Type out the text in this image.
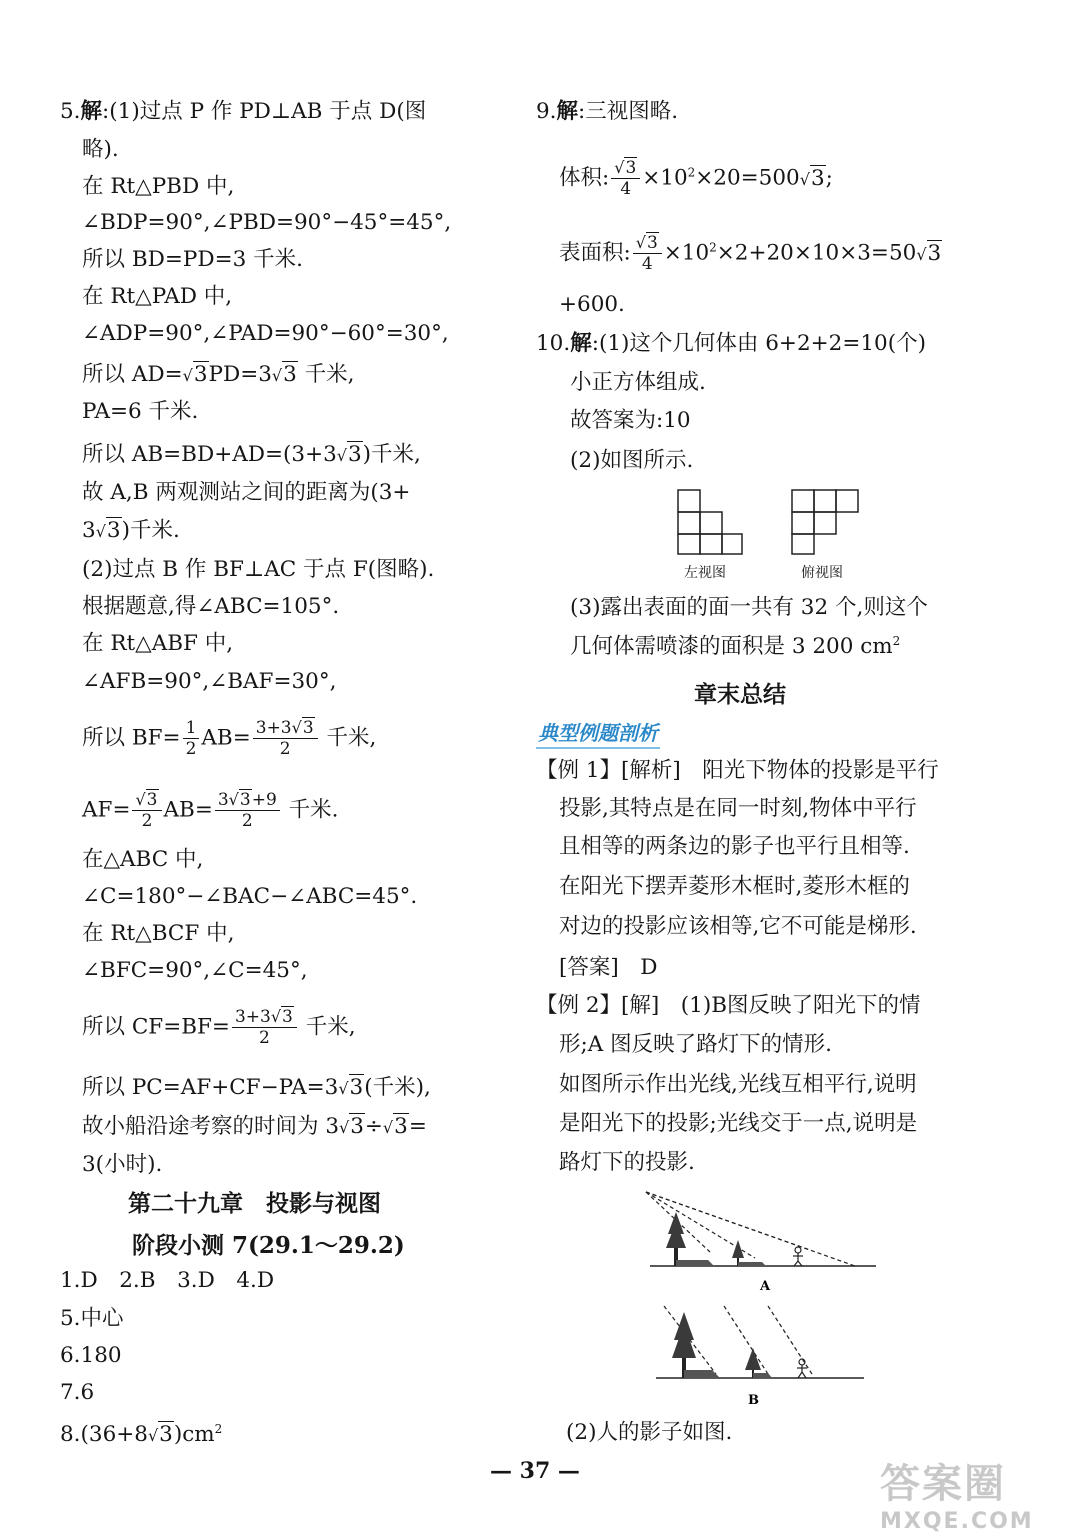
5.解:(1)过点 P 作 PD⊥AB 于点 D(图
略).
在 Rt△PBD 中,
∠BDP=90°,∠PBD=90°−45°=45°,
所以 BD=PD=3 千米.
在 Rt△PAD 中,
∠ADP=90°,∠PAD=90°−60°=30°,
所以 AD=√3PD=3√3 千米,
PA=6 千米.
所以 AB=BD+AD=(3+3√3)千米,
故 A,B 两观测站之间的距离为(3+
3√3)千米.
(2)过点 B 作 BF⊥AC 于点 F(图略).
根据题意,得∠ABC=105°.
在 Rt△ABF 中,
∠AFB=90°,∠BAF=30°,
所以 $BF= \frac{1}{2} AB= \frac{3+3√3}{2}$ 千米,
$AF= \frac{√3}{2} AB= \frac{3√3+9}{2}$ 千米.
在△ABC 中,
∠C=180°−∠BAC−∠ABC=45°.
在 Rt△BCF 中,
∠BFC=90°,∠C=45°,
所以 $CF=BF= \frac{3+3√3}{2}$ 千米,
所以 PC=AF+CF−PA=3√3(千米),
故小船沿途考察的时间为 3√3÷√3=
3(小时).
第二十九章　投影与视图
阶段小测 7(29.1～29.2)
1.D　2.B　3.D　4.D
5.中心
6.180
7.6
$8.(36+8√3)cm^2$
9.解:三视图略.
体积: $\frac{√3}{4} \times 10^2\times 20=500√3$;
表面积: $\frac{√3}{4} \times 10^2\times 2+20\times 10\times 3=50√3$
+600.
10.解:(1)这个几何体由 6+2+2=10(个)
小正方体组成.
故答案为:10
(2)如图所示.
左视图	俯视图
(3)露出表面的面一共有 32 个,则这个
几何体需喷漆的面积是 3 200 $cm^2$
章末总结
典型例题剖析
【例 1】[解析]　阳光下物体的投影是平行
投影,其特点是在同一时刻,物体中平行
且相等的两条边的影子也平行且相等.
在阳光下摆弄菱形木框时,菱形木框的
对边的投影应该相等,它不可能是梯形.
[答案]　D
【例 2】[解]　(1)B图反映了阳光下的情
形;A 图反映了路灯下的情形.
如图所示作出光线,光线互相平行,说明
是阳光下的投影;光线交于一点,说明是
路灯下的投影.
A
B
(2)人的影子如图.
— 37 —	答案圈
MXQE.COM
